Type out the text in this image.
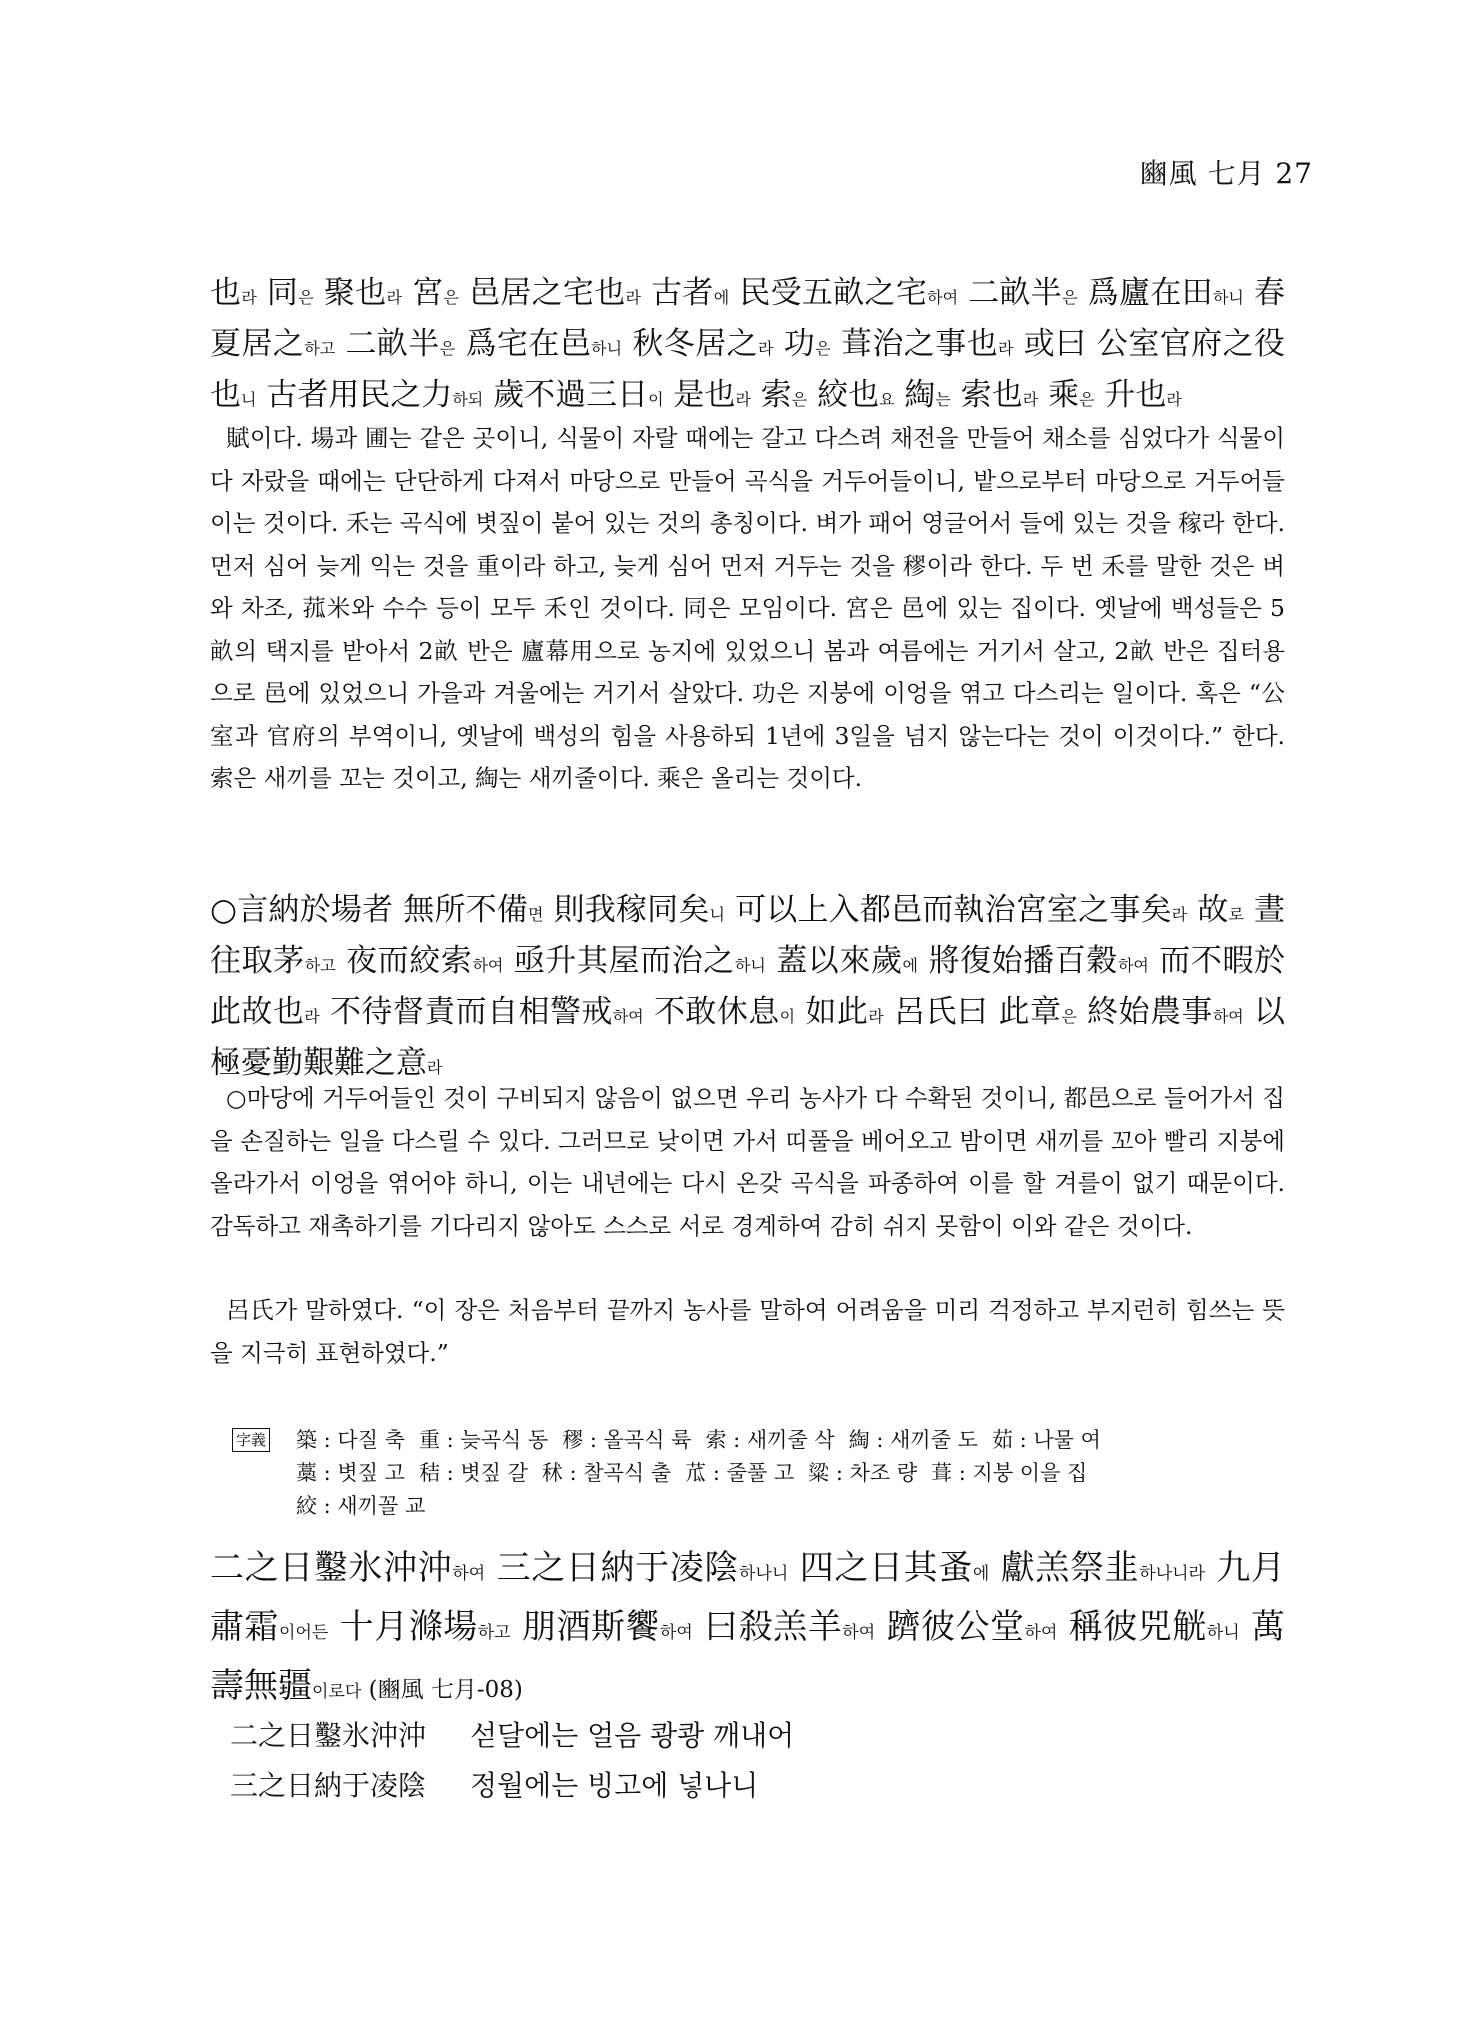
豳風 七月 27
也라 同은 聚也라 宮은 邑居之宅也라 古者에 民受五畝之宅하여 二畝半은 爲廬在田하니 春夏居之하고 二畝半은 爲宅在邑하니 秋冬居之라 功은 葺治之事也라 或曰 公室官府之役也니 古者用民之力하되 歲不過三日이 是也라 索은 絞也요 綯는 索也라 乘은 升也라
賦이다. 場과 圃는 같은 곳이니, 식물이 자랄 때에는 갈고 다스려 채전을 만들어 채소를 심었다가 식물이 다 자랐을 때에는 단단하게 다져서 마당으로 만들어 곡식을 거두어들이니, 밭으로부터 마당으로 거두어들이는 것이다. 禾는 곡식에 볏짚이 붙어 있는 것의 총칭이다. 벼가 패어 영글어서 들에 있는 것을 稼라 한다. 먼저 심어 늦게 익는 것을 重이라 하고, 늦게 심어 먼저 거두는 것을 穋이라 한다. 두 번 禾를 말한 것은 벼와 차조, 菰米와 수수 등이 모두 禾인 것이다. 同은 모임이다. 宮은 邑에 있는 집이다. 옛날에 백성들은 5畝의 택지를 받아서 2畝 반은 廬幕用으로 농지에 있었으니 봄과 여름에는 거기서 살고, 2畝 반은 집터용으로 邑에 있었으니 가을과 겨울에는 거기서 살았다. 功은 지붕에 이엉을 엮고 다스리는 일이다. 혹은 “公室과 官府의 부역이니, 옛날에 백성의 힘을 사용하되 1년에 3일을 넘지 않는다는 것이 이것이다.” 한다. 索은 새끼를 꼬는 것이고, 綯는 새끼줄이다. 乘은 올리는 것이다.
○言納於場者 無所不備면 則我稼同矣니 可以上入都邑而執治宮室之事矣라 故로 晝往取茅하고 夜而絞索하여 亟升其屋而治之하니 蓋以來歲에 將復始播百穀하여 而不暇於此故也라 不待督責而自相警戒하여 不敢休息이 如此라 呂氏曰 此章은 終始農事하여 以極憂勤艱難之意라
○마당에 거두어들인 것이 구비되지 않음이 없으면 우리 농사가 다 수확된 것이니, 都邑으로 들어가서 집을 손질하는 일을 다스릴 수 있다. 그러므로 낮이면 가서 띠풀을 베어오고 밤이면 새끼를 꼬아 빨리 지붕에 올라가서 이엉을 엮어야 하니, 이는 내년에는 다시 온갖 곡식을 파종하여 이를 할 겨를이 없기 때문이다. 감독하고 재촉하기를 기다리지 않아도 스스로 서로 경계하여 감히 쉬지 못함이 이와 같은 것이다.
呂氏가 말하였다. “이 장은 처음부터 끝까지 농사를 말하여 어려움을 미리 걱정하고 부지런히 힘쓰는 뜻을 지극히 표현하였다.”
字義 築 : 다질 축 重 : 늦곡식 동 穋 : 올곡식 륙 索 : 새끼줄 삭 綯 : 새끼줄 도 茹 : 나물 여
藁 : 볏짚 고 秸 : 볏짚 갈 秫 : 찰곡식 출 苽 : 줄풀 고 粱 : 차조 량 葺 : 지붕 이을 집
絞 : 새끼꼴 교
二之日鑿氷沖沖하여 三之日納于凌陰하나니 四之日其蚤에 獻羔祭韭하나니라 九月肅霜이어든 十月滌場하고 朋酒斯饗하여 曰殺羔羊하여 躋彼公堂하여 稱彼兕觥하니 萬壽無疆이로다 (豳風 七月-08)
二之日鑿氷沖沖 섣달에는 얼음 쾅쾅 깨내어
三之日納于凌陰 정월에는 빙고에 넣나니
